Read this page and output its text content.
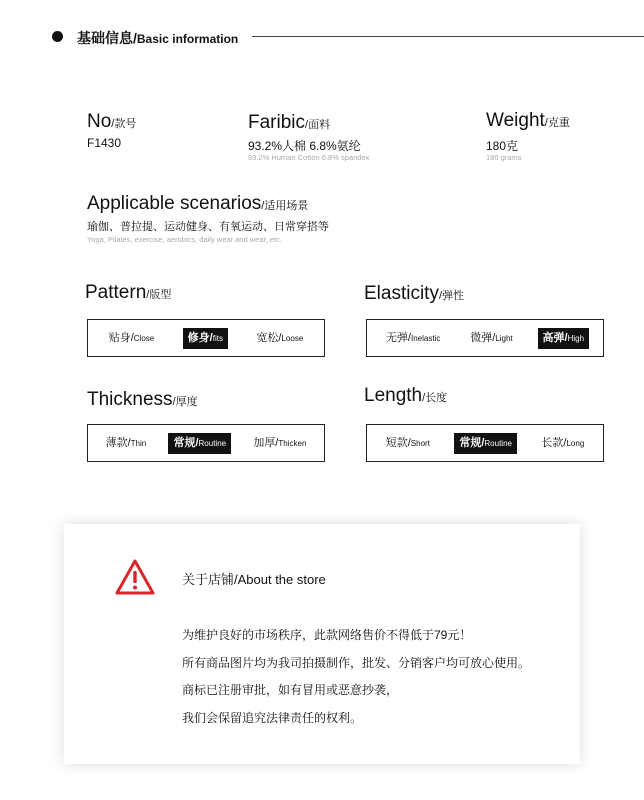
基础信息/Basic information
No/款号
F1430
Faribic/面料
93.2%人棉 6.8%氨纶
93.2% Human Cotton 6.8% spandex
Weight/克重
180克
180 grams
Applicable scenarios/适用场景
瑜伽、普拉提、运动健身、有氧运动、日常穿搭等
Yoga, Pilates, exercise, aerobics, daily wear and wear, etc.
Pattern/版型
贴身/Close	修身/fits	宽松/Loose
Elasticity/弹性
无弹/Inelastic	微弹/Light	高弹/High
Thickness/厚度
薄款/Thin	常规/Routine	加厚/Thicken
Length/长度
短款/Short	常规/Routine	长款/Long
关于店铺/About the store
为维护良好的市场秩序，此款网络售价不得低于79元！
所有商品图片均为我司拍摄制作，批发、分销客户均可放心使用。
商标已注册审批，如有冒用或恶意抄袭，
我们会保留追究法律责任的权利。
